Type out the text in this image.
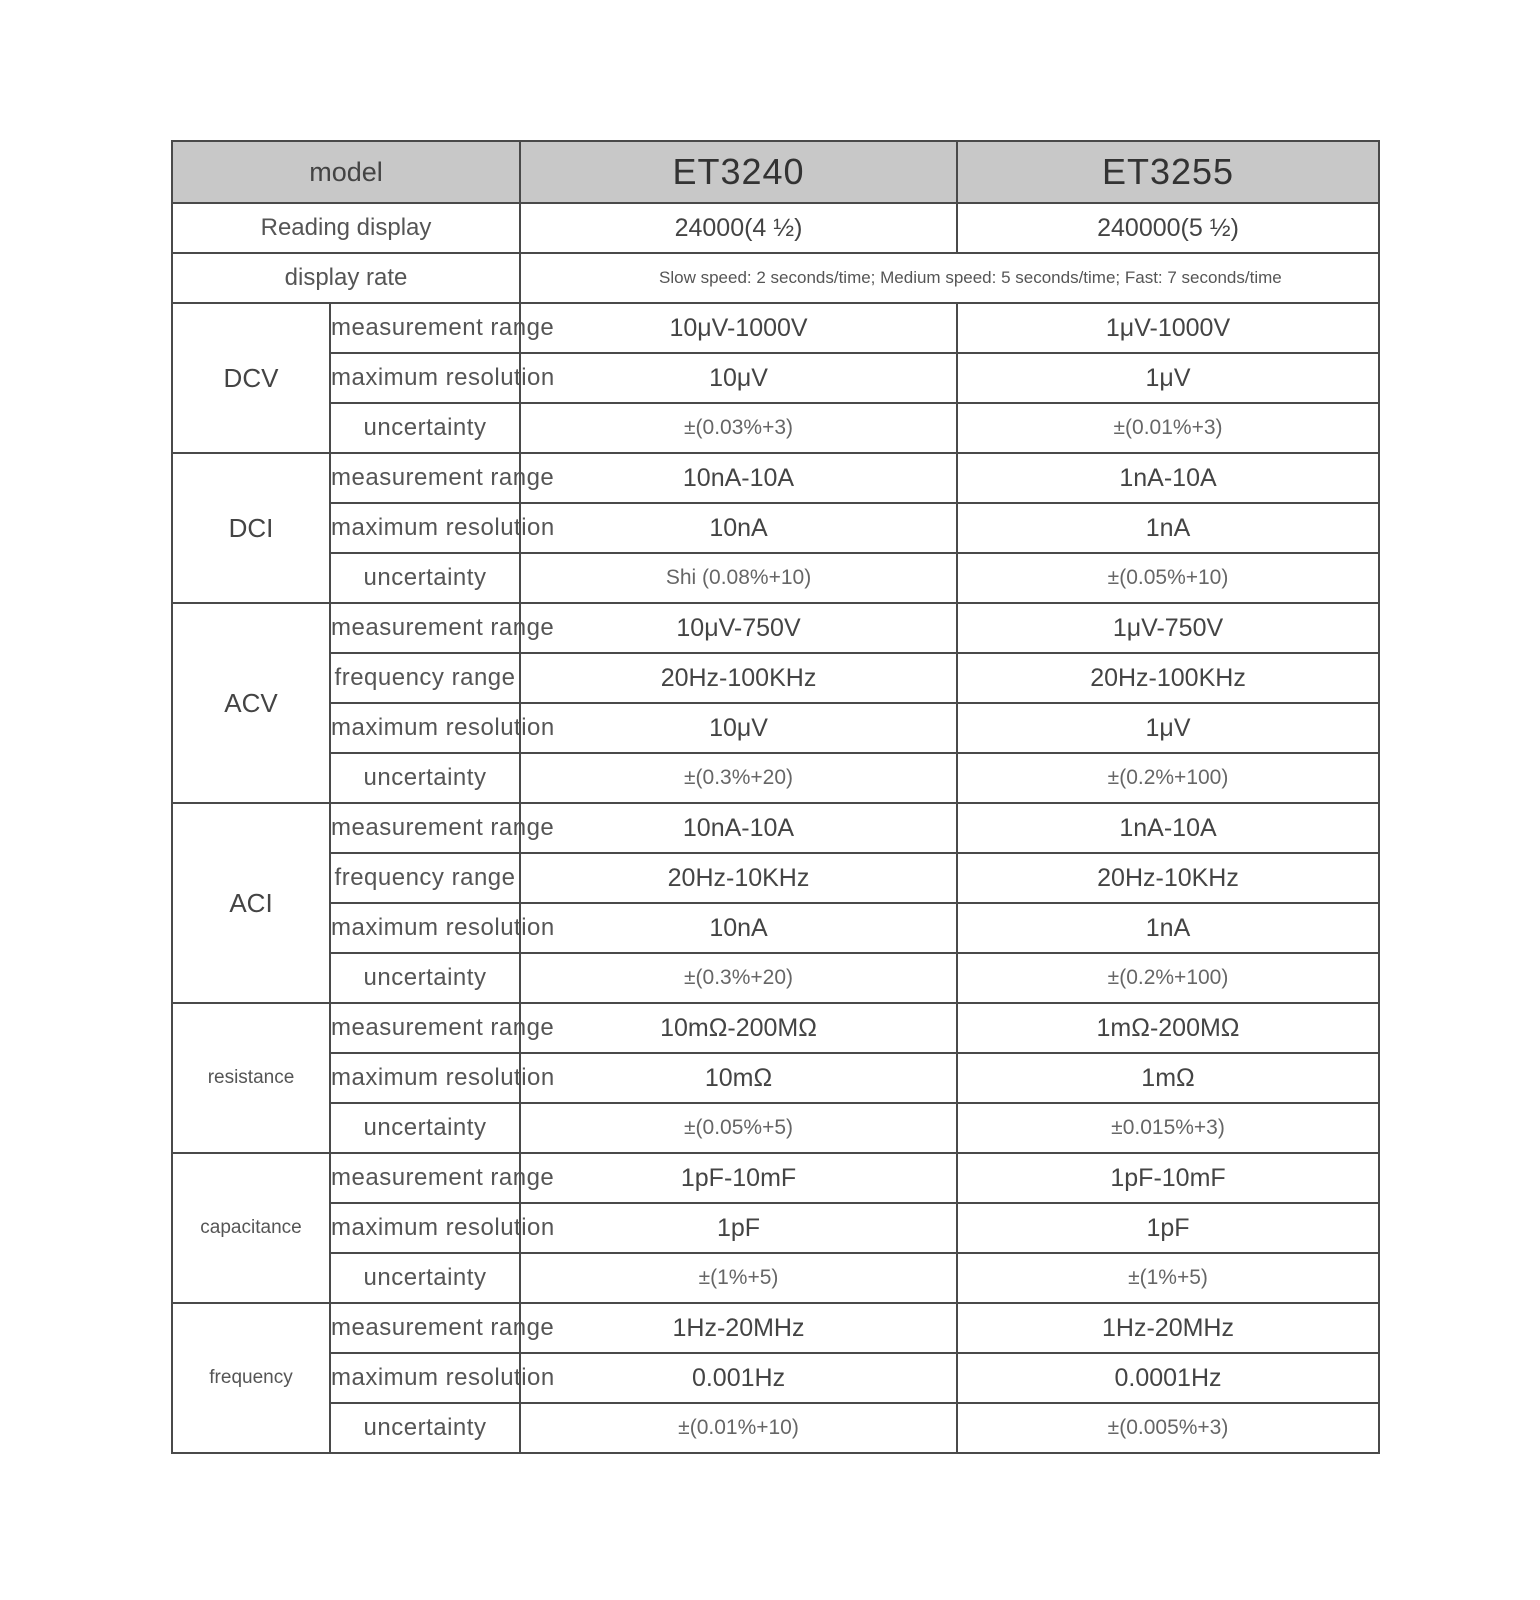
model		ET3240	ET3255
Reading display		24000(4 ½)	240000(5 ½)
display rate		Slow speed: 2 seconds/time; Medium speed: 5 seconds/time; Fast: 7 seconds/time	
DCV	measurement range	10μV-1000V	1μV-1000V
	maximum resolution	10μV	1μV
	uncertainty	±(0.03%+3)	±(0.01%+3)
DCI	measurement range	10nA-10A	1nA-10A
	maximum resolution	10nA	1nA
	uncertainty	Shi (0.08%+10)	±(0.05%+10)
ACV	measurement range	10μV-750V	1μV-750V
	frequency range	20Hz-100KHz	20Hz-100KHz
	maximum resolution	10μV	1μV
	uncertainty	±(0.3%+20)	±(0.2%+100)
ACI	measurement range	10nA-10A	1nA-10A
	frequency range	20Hz-10KHz	20Hz-10KHz
	maximum resolution	10nA	1nA
	uncertainty	±(0.3%+20)	±(0.2%+100)
resistance	measurement range	10mΩ-200MΩ	1mΩ-200MΩ
	maximum resolution	10mΩ	1mΩ
	uncertainty	±(0.05%+5)	±0.015%+3)
capacitance	measurement range	1pF-10mF	1pF-10mF
	maximum resolution	1pF	1pF
	uncertainty	±(1%+5)	±(1%+5)
frequency	measurement range	1Hz-20MHz	1Hz-20MHz
	maximum resolution	0.001Hz	0.0001Hz
	uncertainty	±(0.01%+10)	±(0.005%+3)
